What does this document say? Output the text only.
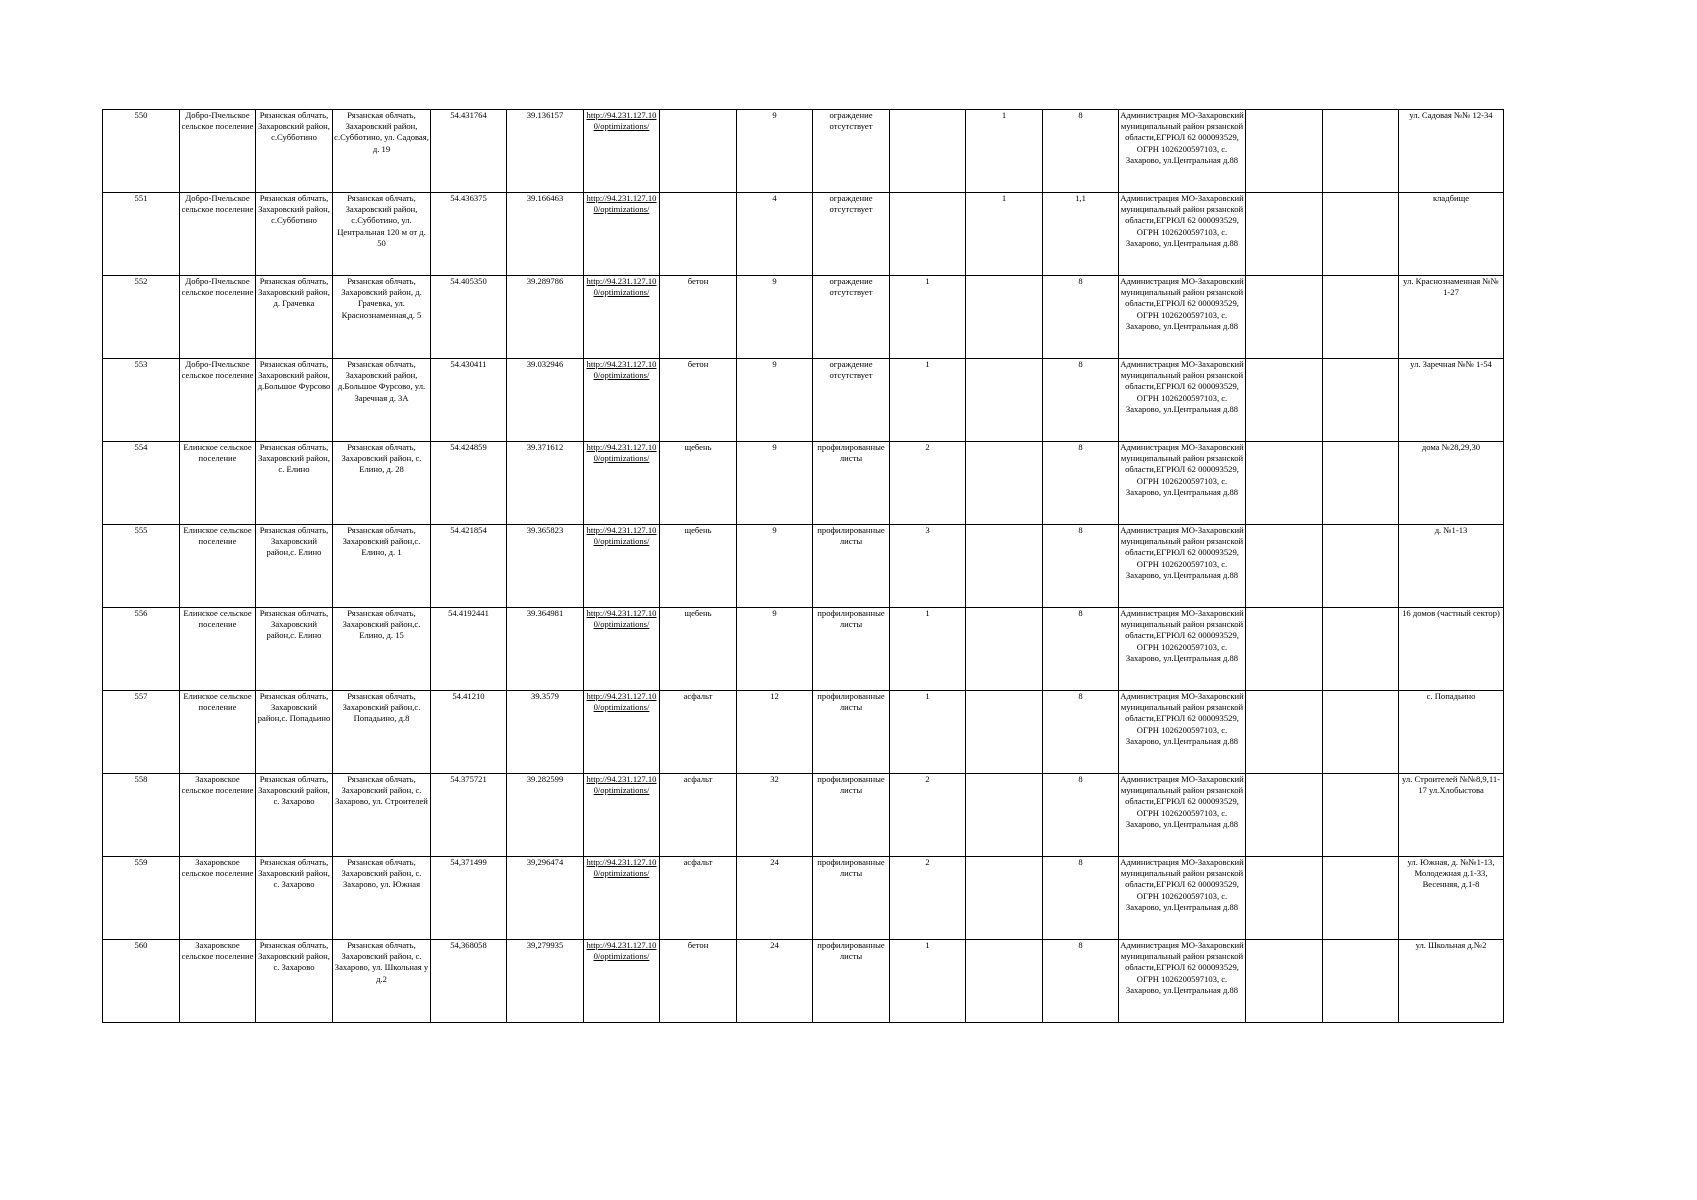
550	Добро-Пчельское сельское поселение	Рязанская облчать, Захаровский район, с.Субботино	Рязанская облчать, Захаровский район, с.Субботино, ул. Садовая, д. 19	54.431764	39.136157	http://94.231.127.10 0/optimizations/		9	ограждение отсутствует		1	8	Администрация МО-Захаровский муниципальный район рязанской области,ЕГРЮЛ 62 000093529, ОГРН 1026200597103, с. Захарово, ул.Центральная д.88			ул. Садовая №№ 12-34
551	Добро-Пчельское сельское поселение	Рязанская облчать, Захаровский район, с.Субботино	Рязанская облчать, Захаровский район, с.Субботино, ул. Центральная 120 м от д. 50	54.436375	39.166463	http://94.231.127.10 0/optimizations/		4	ограждение отсутствует		1	1,1	Администрация МО-Захаровский муниципальный район рязанской области,ЕГРЮЛ 62 000093529, ОГРН 1026200597103, с. Захарово, ул.Центральная д.88			кладбище
552	Добро-Пчельское сельское поселение	Рязанская облчать, Захаровский район, д. Грачевка	Рязанская облчать, Захаровский район, д. Грачевка, ул. Краснознаменная,д. 5	54.405350	39.289786	http://94.231.127.10 0/optimizations/	бетон	9	ограждение отсутствует	1		8	Администрация МО-Захаровский муниципальный район рязанской области,ЕГРЮЛ 62 000093529, ОГРН 1026200597103, с. Захарово, ул.Центральная д.88			ул. Краснознаменная №№ 1-27
553	Добро-Пчельское сельское поселение	Рязанская облчать, Захаровский район, д.Большое Фурсово	Рязанская облчать, Захаровский район, д.Большое Фурсово, ул. Заречная д. 3А	54.430411	39.032946	http://94.231.127.10 0/optimizations/	бетон	9	ограждение отсутствует	1		8	Администрация МО-Захаровский муниципальный район рязанской области,ЕГРЮЛ 62 000093529, ОГРН 1026200597103, с. Захарово, ул.Центральная д.88			ул. Заречная №№ 1-54
554	Елинское сельское поселение	Рязанская облчать, Захаровский район, с. Елино	Рязанская облчать, Захаровский район, с. Елино, д. 28	54.424859	39.371612	http://94.231.127.10 0/optimizations/	щебень	9	профилированные листы	2		8	Администрация МО-Захаровский муниципальный район рязанской области,ЕГРЮЛ 62 000093529, ОГРН 1026200597103, с. Захарово, ул.Центральная д.88			дома №28,29,30
555	Елинское сельское поселение	Рязанская облчать, Захаровский район,с. Елино	Рязанская облчать, Захаровский район,с. Елино, д. 1	54.421854	39.365823	http://94.231.127.10 0/optimizations/	щебень	9	профилированные листы	3		8	Администрация МО-Захаровский муниципальный район рязанской области,ЕГРЮЛ 62 000093529, ОГРН 1026200597103, с. Захарово, ул.Центральная д.88			д. №1-13
556	Елинское сельское поселение	Рязанская облчать, Захаровский район,с. Елино	Рязанская облчать, Захаровский район,с. Елино, д. 15	54.4192441	39.364981	http://94.231.127.10 0/optimizations/	щебень	9	профилированные листы	1		8	Администрация МО-Захаровский муниципальный район рязанской области,ЕГРЮЛ 62 000093529, ОГРН 1026200597103, с. Захарово, ул.Центральная д.88			16 домов (частный сектор)
557	Елинское сельское поселение	Рязанская облчать, Захаровский район,с. Попадьино	Рязанская облчать, Захаровский район,с. Попадьино, д.8	54.41210	39.3579	http://94.231.127.10 0/optimizations/	асфальт	12	профилированные листы	1		8	Администрация МО-Захаровский муниципальный район рязанской области,ЕГРЮЛ 62 000093529, ОГРН 1026200597103, с. Захарово, ул.Центральная д.88			с. Попадьино
558	Захаровское сельское поселение	Рязанская облчать, Захаровский район, с. Захарово	Рязанская облчать, Захаровский район, с. Захарово, ул. Строителей	54.375721	39.282599	http://94.231.127.10 0/optimizations/	асфальт	32	профилированные листы	2		8	Администрация МО-Захаровский муниципальный район рязанской области,ЕГРЮЛ 62 000093529, ОГРН 1026200597103, с. Захарово, ул.Центральная д.88			ул. Строителей №№8,9,11-17 ул.Хлобыстова
559	Захаровское сельское поселение	Рязанская облчать, Захаровский район, с. Захарово	Рязанская облчать, Захаровский район, с. Захарово, ул. Южная	54,371499	39,296474	http://94.231.127.10 0/optimizations/	асфальт	24	профилированные листы	2		8	Администрация МО-Захаровский муниципальный район рязанской области,ЕГРЮЛ 62 000093529, ОГРН 1026200597103, с. Захарово, ул.Центральная д.88			ул. Южная, д. №№1-13, Молодежная д.1-33, Весенняя, д.1-8
560	Захаровское сельское поселение	Рязанская облчать, Захаровский район, с. Захарово	Рязанская облчать, Захаровский район, с. Захарово, ул. Школьная у д.2	54,368058	39,279935	http://94.231.127.10 0/optimizations/	бетон	24	профилированные листы	1		8	Администрация МО-Захаровский муниципальный район рязанской области,ЕГРЮЛ 62 000093529, ОГРН 1026200597103, с. Захарово, ул.Центральная д.88			ул. Школьная д.№2
